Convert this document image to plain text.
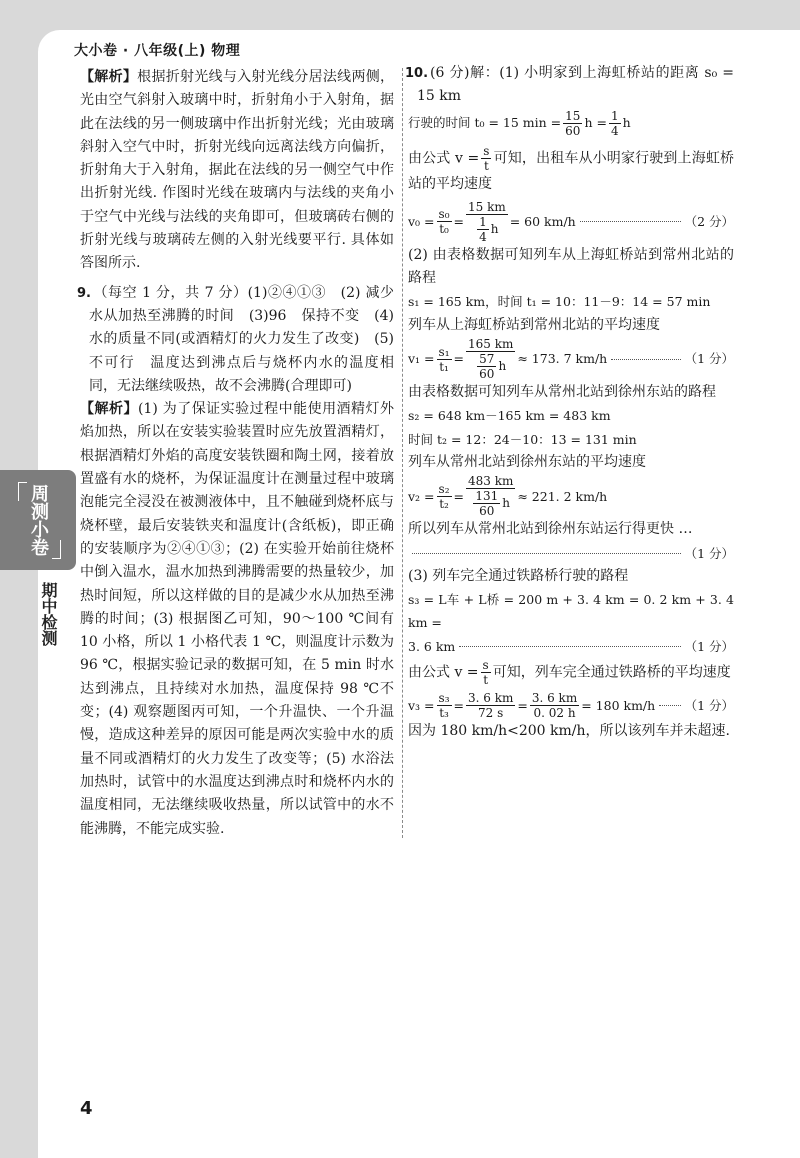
大小卷 · 八年级(上) 物理
周测小卷
期中检测

【解析】根据折射光线与入射光线分居法线两侧，光由空气斜射入玻璃中时，折射角小于入射角，据此在法线的另一侧玻璃中作出折射光线；光由玻璃斜射入空气中时，折射光线向远离法线方向偏折，折射角大于入射角，据此在法线的另一侧空气中作出折射光线. 作图时光线在玻璃内与法线的夹角小于空气中光线与法线的夹角即可，但玻璃砖右侧的折射光线与玻璃砖左侧的入射光线要平行. 具体如答图所示.

9. （每空 1 分，共 7 分）(1)②④①③　(2) 减少水从加热至沸腾的时间　(3)96　保持不变　(4) 水的质量不同(或酒精灯的火力发生了改变)　(5) 不可行　温度达到沸点后与烧杯内水的温度相同，无法继续吸热，故不会沸腾(合理即可)

【解析】(1) 为了保证实验过程中能使用酒精灯外焰加热，所以在安装实验装置时应先放置酒精灯，根据酒精灯外焰的高度安装铁圈和陶土网，接着放置盛有水的烧杯，为保证温度计在测量过程中玻璃泡能完全浸没在被测液体中，且不触碰到烧杯底与烧杯壁，最后安装铁夹和温度计(含纸板)，即正确的安装顺序为②④①③；(2) 在实验开始前往烧杯中倒入温水，温水加热到沸腾需要的热量较少，加热时间短，所以这样做的目的是减少水从加热至沸腾的时间；(3) 根据图乙可知，90～100 ℃间有 10 小格，所以 1 小格代表 1 ℃，则温度计示数为 96 ℃，根据实验记录的数据可知，在 5 min 时水达到沸点，且持续对水加热，温度保持 98 ℃不变；(4) 观察题图丙可知，一个升温快、一个升温慢，造成这种差异的原因可能是两次实验中水的质量不同或酒精灯的火力发生了改变等；(5) 水浴法加热时，试管中的水温度达到沸点时和烧杯内水的温度相同，无法继续吸收热量，所以试管中的水不能沸腾，不能完成实验.

10. (6 分)解：(1) 小明家到上海虹桥站的距离 s₀ = 15 km

行驶的时间 t₀ = 15 $\min = \frac{15}{60}$ $h = \frac{1}{4}$ h

由公式 $v = \frac{s}{t}$ 可知，出租车从小明家行驶到上海虹桥站的平均速度

$v_0 = \frac{\text{s₀}}{\text{t₀}} = \frac{15 km}{\frac{1}{4} h} = 60$ km/h	（2 分）

(2) 由表格数据可知列车从上海虹桥站到常州北站的路程

s₁ = 165 km，时间 t₁ = 10：11－9：14 = 57 min

列车从上海虹桥站到常州北站的平均速度

$v_1 = \frac{\text{s₁}}{\text{t₁}} = \frac{165 km}{\frac{57}{60} h} \approx 173$. 7 km/h	（1 分）

由表格数据可知列车从常州北站到徐州东站的路程

s₂ = 648 km－165 km = 483 km
时间 t₂ = 12：24－10：13 = 131 min

列车从常州北站到徐州东站的平均速度

$v_2 = \frac{\text{s₂}}{\text{t₂}} = \frac{483 km}{\frac{131}{60} h} \approx 221$. 2 km/h

所以列车从常州北站到徐州东站运行得更快 …

（1 分）

(3) 列车完全通过铁路桥行驶的路程

s₃ = L车 + L桥 = 200 m + 3. 4 km = 0. 2 km + 3. 4 km =
3. 6 km	（1 分）

由公式 $v = \frac{s}{t}$ 可知，列车完全通过铁路桥的平均速度

$v_3 = \frac{\text{s₃}}{\text{t₃}} = \frac{3. 6 km}{72 s} = \frac{3. 6 km}{0. 02 h} = 180$ km/h （1 分）

因为 180 km/h<200 km/h，所以该列车并未超速.

4
